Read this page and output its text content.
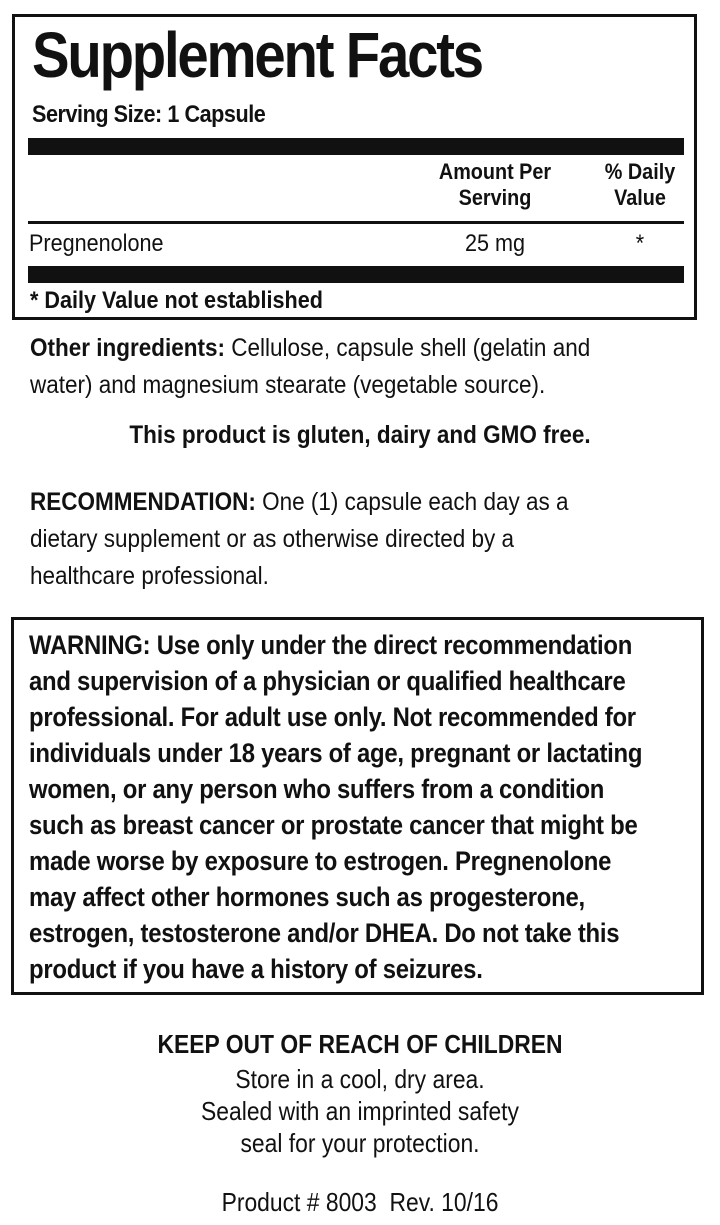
Supplement Facts
Serving Size: 1 Capsule
Amount Per
Serving
% Daily
Value
Pregnenolone	25 mg	*
* Daily Value not established
Other ingredients: Cellulose, capsule shell (gelatin and water) and magnesium stearate (vegetable source).
This product is gluten, dairy and GMO free.
RECOMMENDATION: One (1) capsule each day as a dietary supplement or as otherwise directed by a healthcare professional.
WARNING: Use only under the direct recommendation
and supervision of a physician or qualified healthcare
professional. For adult use only. Not recommended for
individuals under 18 years of age, pregnant or lactating
women, or any person who suffers from a condition
such as breast cancer or prostate cancer that might be
made worse by exposure to estrogen. Pregnenolone
may affect other hormones such as progesterone,
estrogen, testosterone and/or DHEA. Do not take this
product if you have a history of seizures.
KEEP OUT OF REACH OF CHILDREN
Store in a cool, dry area.
Sealed with an imprinted safety
seal for your protection.
Product # 8003  Rev. 10/16
